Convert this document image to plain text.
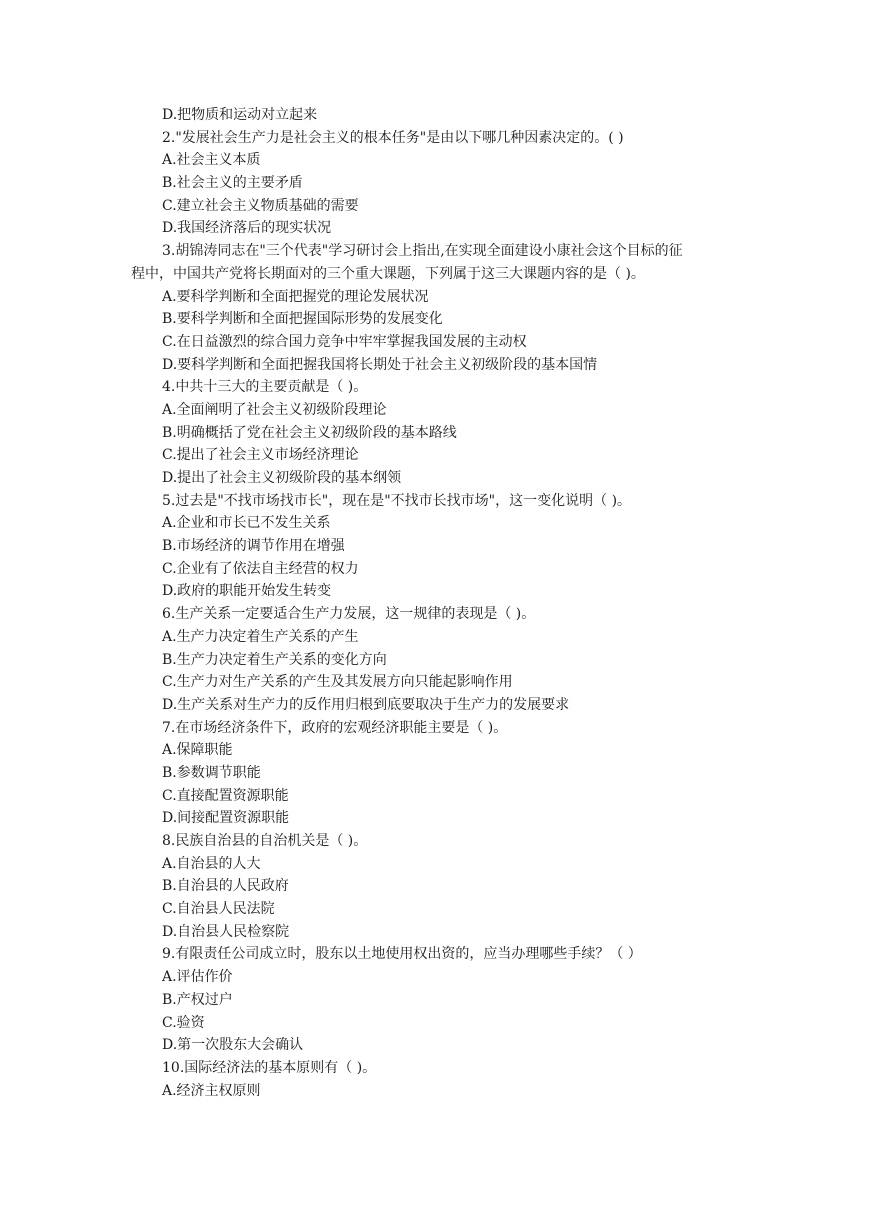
D.把物质和运动对立起来
2."发展社会生产力是社会主义的根本任务"是由以下哪几种因素决定的。( )
A.社会主义本质
B.社会主义的主要矛盾
C.建立社会主义物质基础的需要
D.我国经济落后的现实状况
3.胡锦涛同志在"三个代表"学习研讨会上指出,在实现全面建设小康社会这个目标的征
程中，中国共产党将长期面对的三个重大课题，下列属于这三大课题内容的是（ )。
A.要科学判断和全面把握党的理论发展状况
B.要科学判断和全面把握国际形势的发展变化
C.在日益激烈的综合国力竞争中牢牢掌握我国发展的主动权
D.要科学判断和全面把握我国将长期处于社会主义初级阶段的基本国情
4.中共十三大的主要贡献是（ )。
A.全面阐明了社会主义初级阶段理论
B.明确概括了党在社会主义初级阶段的基本路线
C.提出了社会主义市场经济理论
D.提出了社会主义初级阶段的基本纲领
5.过去是"不找市场找市长"，现在是"不找市长找市场"，这一变化说明（ )。
A.企业和市长已不发生关系
B.市场经济的调节作用在增强
C.企业有了依法自主经营的权力
D.政府的职能开始发生转变
6.生产关系一定要适合生产力发展，这一规律的表现是（ )。
A.生产力决定着生产关系的产生
B.生产力决定着生产关系的变化方向
C.生产力对生产关系的产生及其发展方向只能起影响作用
D.生产关系对生产力的反作用归根到底要取决于生产力的发展要求
7.在市场经济条件下，政府的宏观经济职能主要是（ )。
A.保障职能
B.参数调节职能
C.直接配置资源职能
D.间接配置资源职能
8.民族自治县的自治机关是（ )。
A.自治县的人大
B.自治县的人民政府
C.自治县人民法院
D.自治县人民检察院
9.有限责任公司成立时，股东以土地使用权出资的，应当办理哪些手续？（ ）
A.评估作价
B.产权过户
C.验资
D.第一次股东大会确认
10.国际经济法的基本原则有（ )。
A.经济主权原则
